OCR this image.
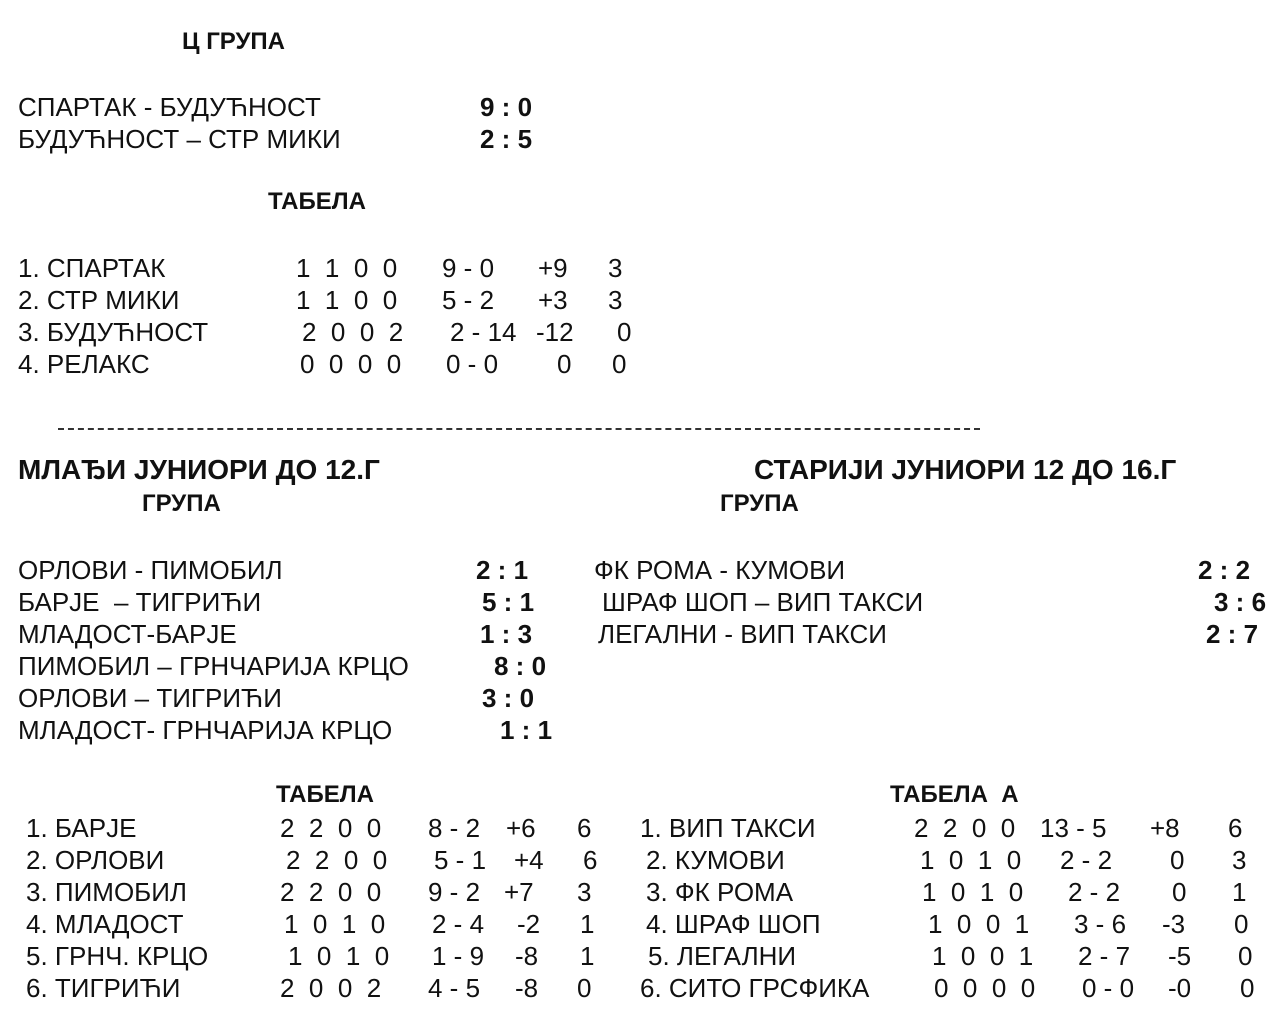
Ц ГРУПА
СПАРТАК - БУДУЋНОСТ	9 : 0
БУДУЋНОСТ – СТР МИКИ	2 : 5
ТАБЕЛА
1. СПАРТАК	1  1  0  0 9 - 0 +9 3
2. СТР МИКИ	1  1  0  0 5 - 2 +3 3
3. БУДУЋНОСТ	2  0  0  2 2 - 14 -12 0
4. РЕЛАКС	0  0  0  0 0 - 0 0 0
МЛАЂИ ЈУНИОРИ ДО 12.Г
ГРУПА
ОРЛОВИ - ПИМОБИЛ	2 : 1
БАРЈЕ  – ТИГРИЋИ	5 : 1
МЛАДОСТ-БАРЈЕ	1 : 3
ПИМОБИЛ – ГРНЧАРИЈА КРЦО	8 : 0
ОРЛОВИ – ТИГРИЋИ	3 : 0
МЛАДОСТ- ГРНЧАРИЈА КРЦО	1 : 1
ТАБЕЛА
1. БАРЈЕ	2  2  0  0 8 - 2 +6 6
2. ОРЛОВИ	2  2  0  0 5 - 1 +4 6
3. ПИМОБИЛ	2  2  0  0 9 - 2 +7 3
4. МЛАДОСТ	1  0  1  0 2 - 4 -2 1
5. ГРНЧ. КРЦО	1  0  1  0 1 - 9 -8 1
6. ТИГРИЋИ	2  0  0  2 4 - 5 -8 0
СТАРИЈИ ЈУНИОРИ 12 ДО 16.Г
ГРУПА
ФК РОМА - КУМОВИ	2 : 2
ШРАФ ШОП – ВИП ТАКСИ	3 : 6
ЛЕГАЛНИ - ВИП ТАКСИ	2 : 7
ТАБЕЛА  А
1. ВИП ТАКСИ	2  2  0  0 13 - 5 +8 6
2. КУМОВИ	1  0  1  0 2 - 2 0 3
3. ФК РОМА	1  0  1  0 2 - 2 0 1
4. ШРАФ ШОП	1  0  0  1 3 - 6 -3 0
5. ЛЕГАЛНИ	1  0  0  1 2 - 7 -5 0
6. СИТО ГРСФИКА 0  0  0  0 0 - 0 -0 0
